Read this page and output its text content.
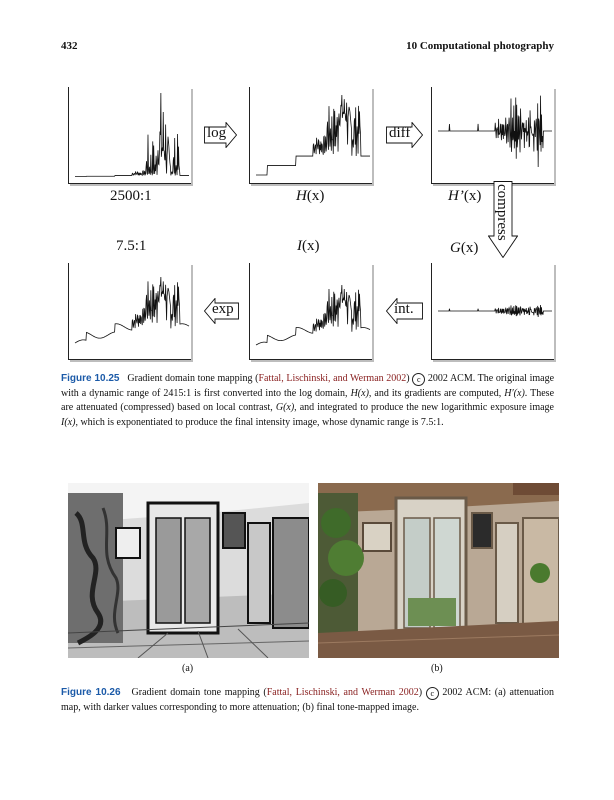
432	10 Computational photography
log	diff
compress
int.
exp
2500:1	H(x)	H’(x)
7.5:1	I(x)	G(x)
Figure 10.25 Gradient domain tone mapping (Fattal, Lischinski, and Werman 2002) c 2002 ACM. The original image with a dynamic range of 2415:1 is first converted into the log domain, H(x), and its gradients are computed, H′(x). These are attenuated (compressed) based on local contrast, G(x), and integrated to produce the new logarithmic exposure image I(x), which is exponentiated to produce the final intensity image, whose dynamic range is 7.5:1.
(a)	(b)
Figure 10.26 Gradient domain tone mapping (Fattal, Lischinski, and Werman 2002) c 2002 ACM: (a) attenuation map, with darker values corresponding to more attenuation; (b) final tone-mapped image.
